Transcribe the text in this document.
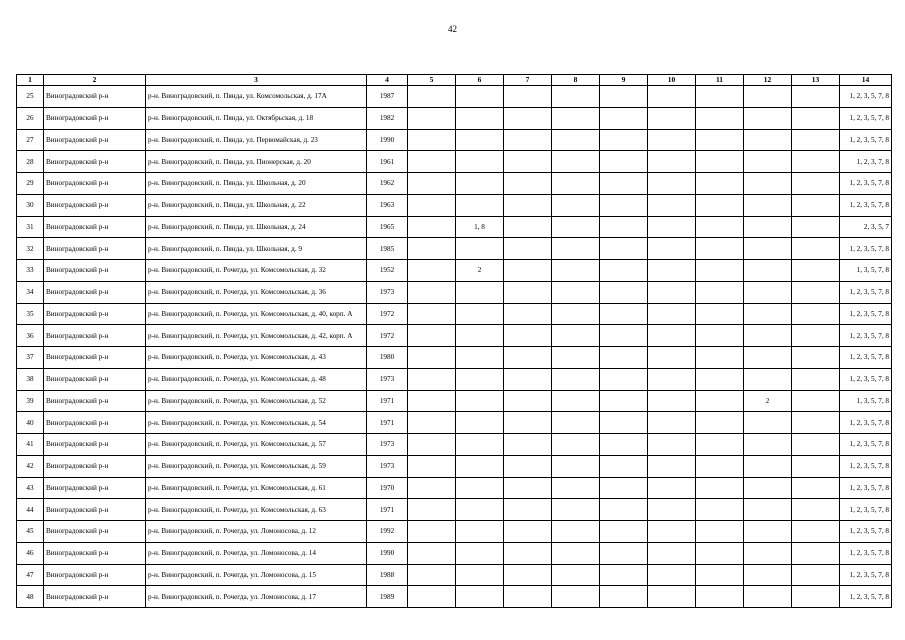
42
1	2	3	4	5	6	7	8	9	10	11	12	13	14
25	Виноградовский р-н	р-н. Виноградовский, п. Пянда, ул. Комсомольская, д. 17А	1987										1, 2, 3, 5, 7, 8
26	Виноградовский р-н	р-н. Виноградовский, п. Пянда, ул. Октябрьская, д. 18	1982										1, 2, 3, 5, 7, 8
27	Виноградовский р-н	р-н. Виноградовский, п. Пянда, ул. Первомайская, д. 23	1990										1, 2, 3, 5, 7, 8
28	Виноградовский р-н	р-н. Виноградовский, п. Пянда, ул. Пионерская, д. 20	1961										1, 2, 3, 7, 8
29	Виноградовский р-н	р-н. Виноградовский, п. Пянда, ул. Школьная, д. 20	1962										1, 2, 3, 5, 7, 8
30	Виноградовский р-н	р-н. Виноградовский, п. Пянда, ул. Школьная, д. 22	1963										1, 2, 3, 5, 7, 8
31	Виноградовский р-н	р-н. Виноградовский, п. Пянда, ул. Школьная, д. 24	1965		1, 8								2, 3, 5, 7
32	Виноградовский р-н	р-н. Виноградовский, п. Пянда, ул. Школьная, д. 9	1985										1, 2, 3, 5, 7, 8
33	Виноградовский р-н	р-н. Виноградовский, п. Рочегда, ул. Комсомольская, д. 32	1952		2								1, 3, 5, 7, 8
34	Виноградовский р-н	р-н. Виноградовский, п. Рочегда, ул. Комсомольская, д. 36	1973										1, 2, 3, 5, 7, 8
35	Виноградовский р-н	р-н. Виноградовский, п. Рочегда, ул. Комсомольская, д. 40, корп. А	1972										1, 2, 3, 5, 7, 8
36	Виноградовский р-н	р-н. Виноградовский, п. Рочегда, ул. Комсомольская, д. 42, корп. А	1972										1, 2, 3, 5, 7, 8
37	Виноградовский р-н	р-н. Виноградовский, п. Рочегда, ул. Комсомольская, д. 43	1980										1, 2, 3, 5, 7, 8
38	Виноградовский р-н	р-н. Виноградовский, п. Рочегда, ул. Комсомольская, д. 48	1973										1, 2, 3, 5, 7, 8
39	Виноградовский р-н	р-н. Виноградовский, п. Рочегда, ул. Комсомольская, д. 52	1971								2		1, 3, 5, 7, 8
40	Виноградовский р-н	р-н. Виноградовский, п. Рочегда, ул. Комсомольская, д. 54	1971										1, 2, 3, 5, 7, 8
41	Виноградовский р-н	р-н. Виноградовский, п. Рочегда, ул. Комсомольская, д. 57	1973										1, 2, 3, 5, 7, 8
42	Виноградовский р-н	р-н. Виноградовский, п. Рочегда, ул. Комсомольская, д. 59	1973										1, 2, 3, 5, 7, 8
43	Виноградовский р-н	р-н. Виноградовский, п. Рочегда, ул. Комсомольская, д. 61	1970										1, 2, 3, 5, 7, 8
44	Виноградовский р-н	р-н. Виноградовский, п. Рочегда, ул. Комсомольская, д. 63	1971										1, 2, 3, 5, 7, 8
45	Виноградовский р-н	р-н. Виноградовский, п. Рочегда, ул. Ломоносова, д. 12	1992										1, 2, 3, 5, 7, 8
46	Виноградовский р-н	р-н. Виноградовский, п. Рочегда, ул. Ломоносова, д. 14	1990										1, 2, 3, 5, 7, 8
47	Виноградовский р-н	р-н. Виноградовский, п. Рочегда, ул. Ломоносова, д. 15	1988										1, 2, 3, 5, 7, 8
48	Виноградовский р-н	р-н. Виноградовский, п. Рочегда, ул. Ломоносова, д. 17	1989										1, 2, 3, 5, 7, 8
